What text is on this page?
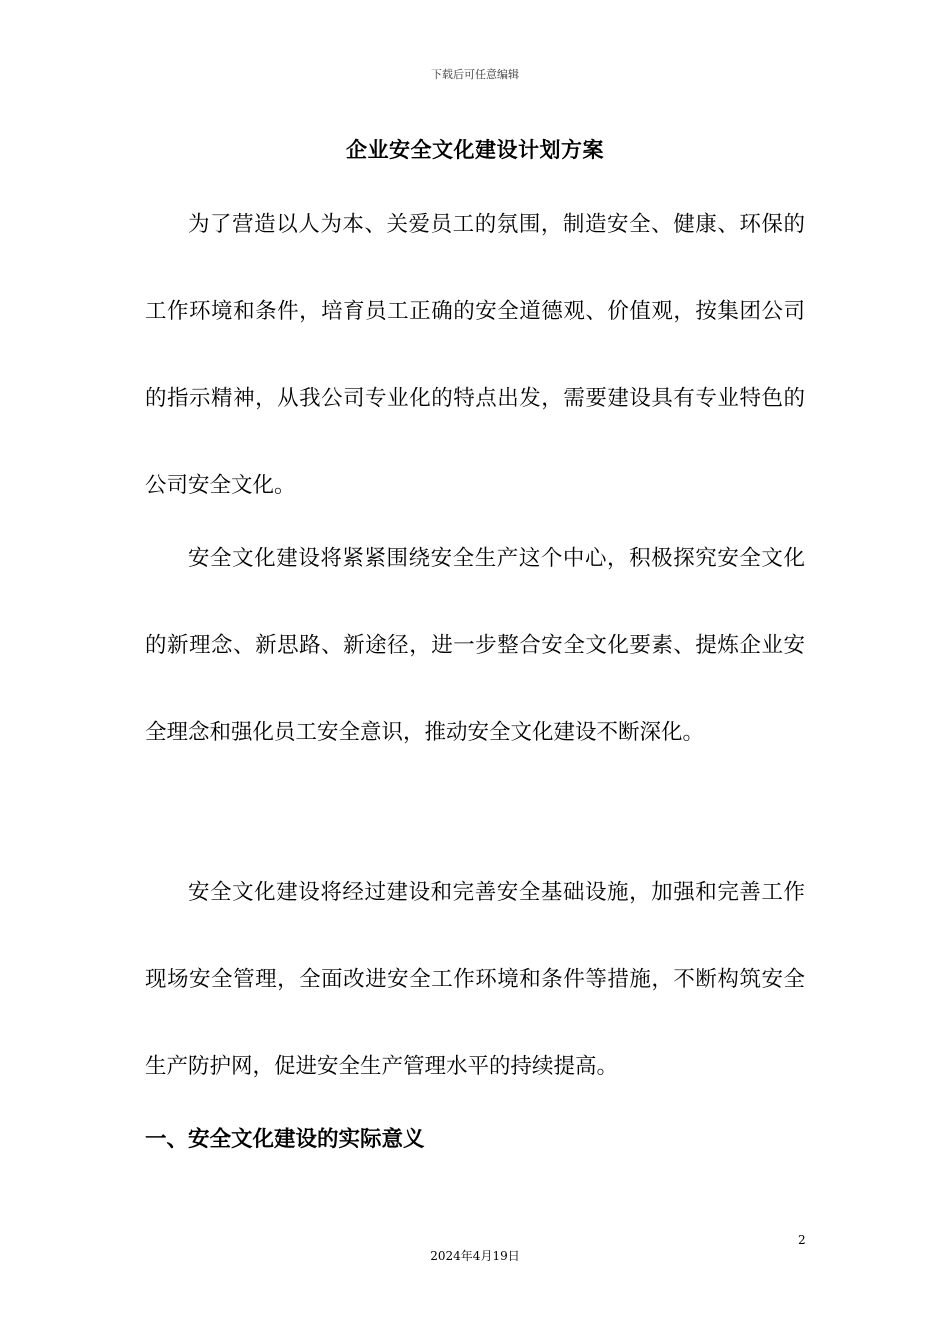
下载后可任意编辑
企业安全文化建设计划方案

为了营造以人为本、关爱员工的氛围，制造安全、健康、环保的工作环境和条件，培育员工正确的安全道德观、价值观，按集团公司的指示精神，从我公司专业化的特点出发，需要建设具有专业特色的公司安全文化。

安全文化建设将紧紧围绕安全生产这个中心，积极探究安全文化的新理念、新思路、新途径，进一步整合安全文化要素、提炼企业安全理念和强化员工安全意识，推动安全文化建设不断深化。

安全文化建设将经过建设和完善安全基础设施，加强和完善工作现场安全管理，全面改进安全工作环境和条件等措施，不断构筑安全生产防护网，促进安全生产管理水平的持续提高。

一、安全文化建设的实际意义
2
2024年4月19日
